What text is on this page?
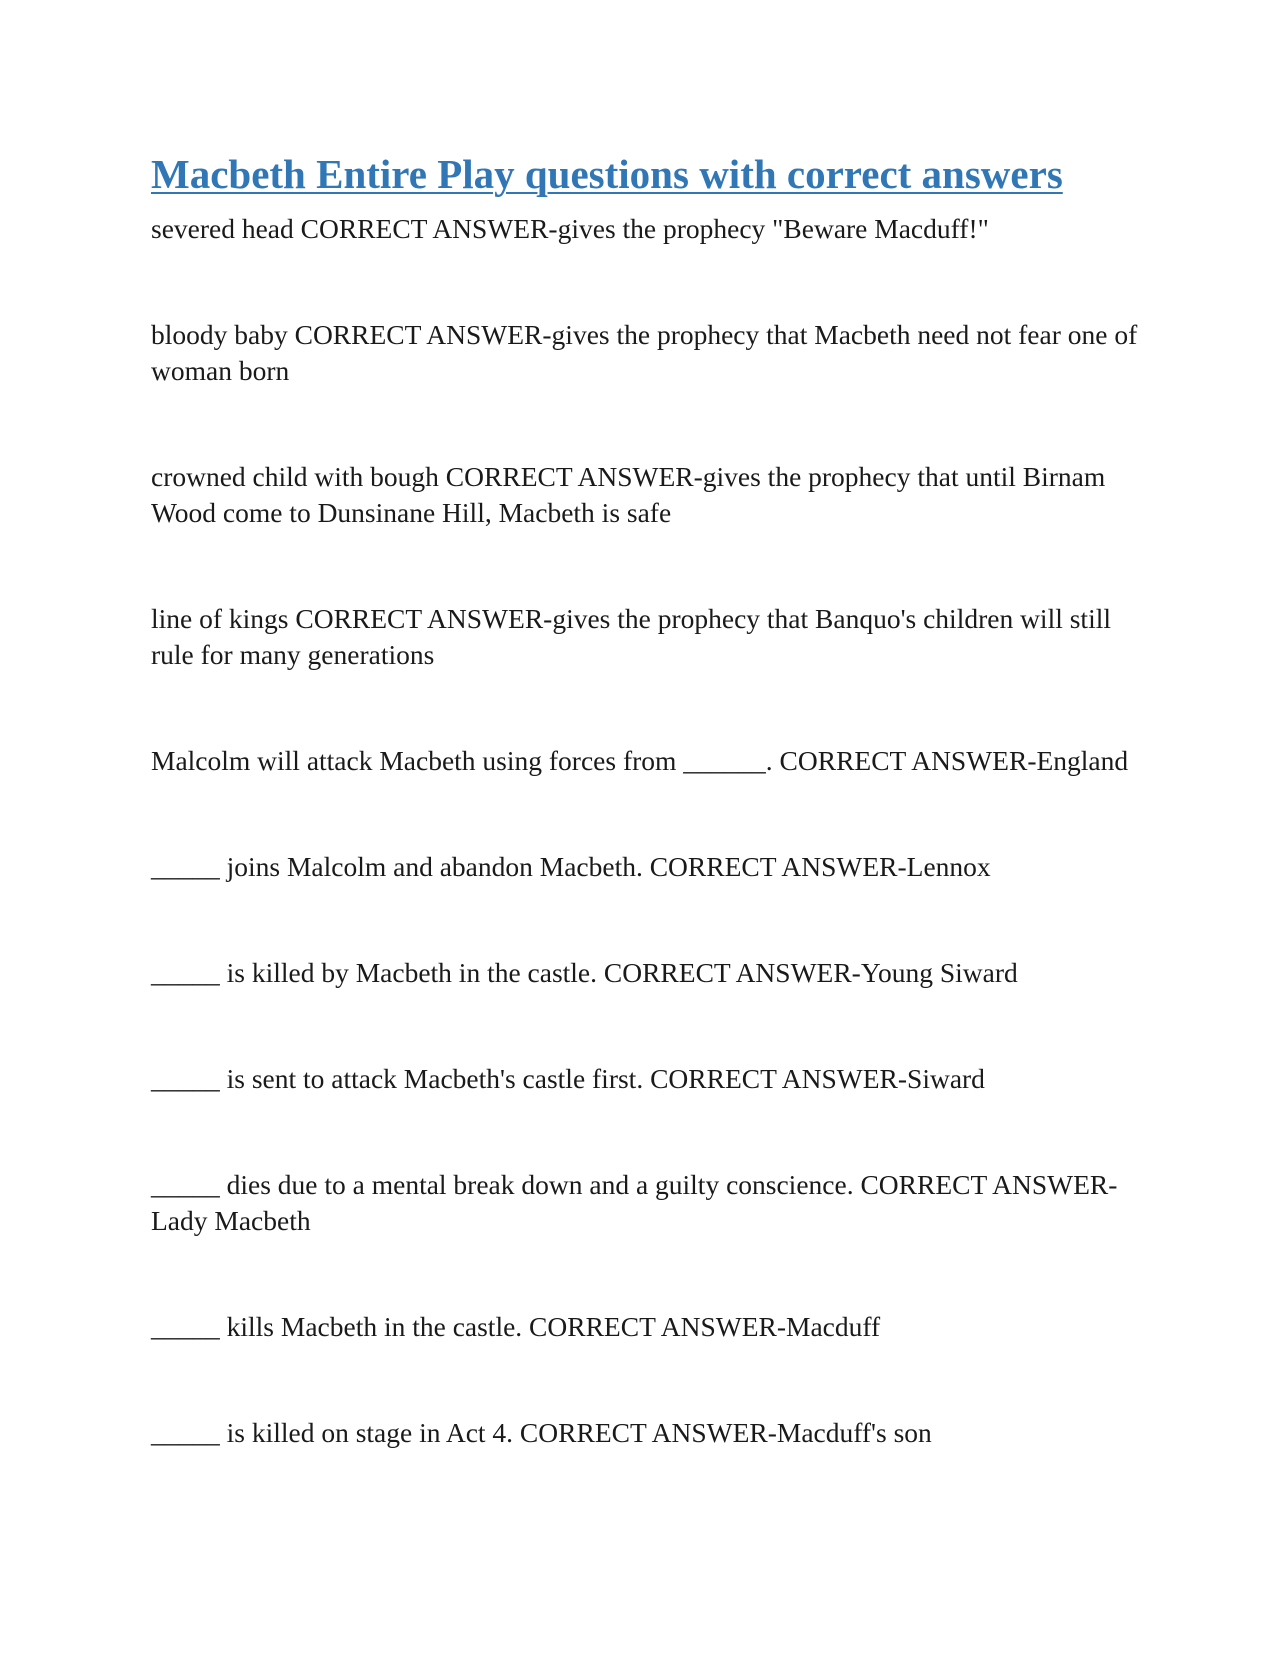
Macbeth Entire Play questions with correct answers

severed head CORRECT ANSWER-gives the prophecy "Beware Macduff!"

bloody baby CORRECT ANSWER-gives the prophecy that Macbeth need not fear one of woman born

crowned child with bough CORRECT ANSWER-gives the prophecy that until Birnam Wood come to Dunsinane Hill, Macbeth is safe

line of kings CORRECT ANSWER-gives the prophecy that Banquo's children will still rule for many generations

Malcolm will attack Macbeth using forces from ______. CORRECT ANSWER-England

_____ joins Malcolm and abandon Macbeth. CORRECT ANSWER-Lennox

_____ is killed by Macbeth in the castle. CORRECT ANSWER-Young Siward

_____ is sent to attack Macbeth's castle first. CORRECT ANSWER-Siward

_____ dies due to a mental break down and a guilty conscience. CORRECT ANSWER-Lady Macbeth

_____ kills Macbeth in the castle. CORRECT ANSWER-Macduff

_____ is killed on stage in Act 4. CORRECT ANSWER-Macduff's son
